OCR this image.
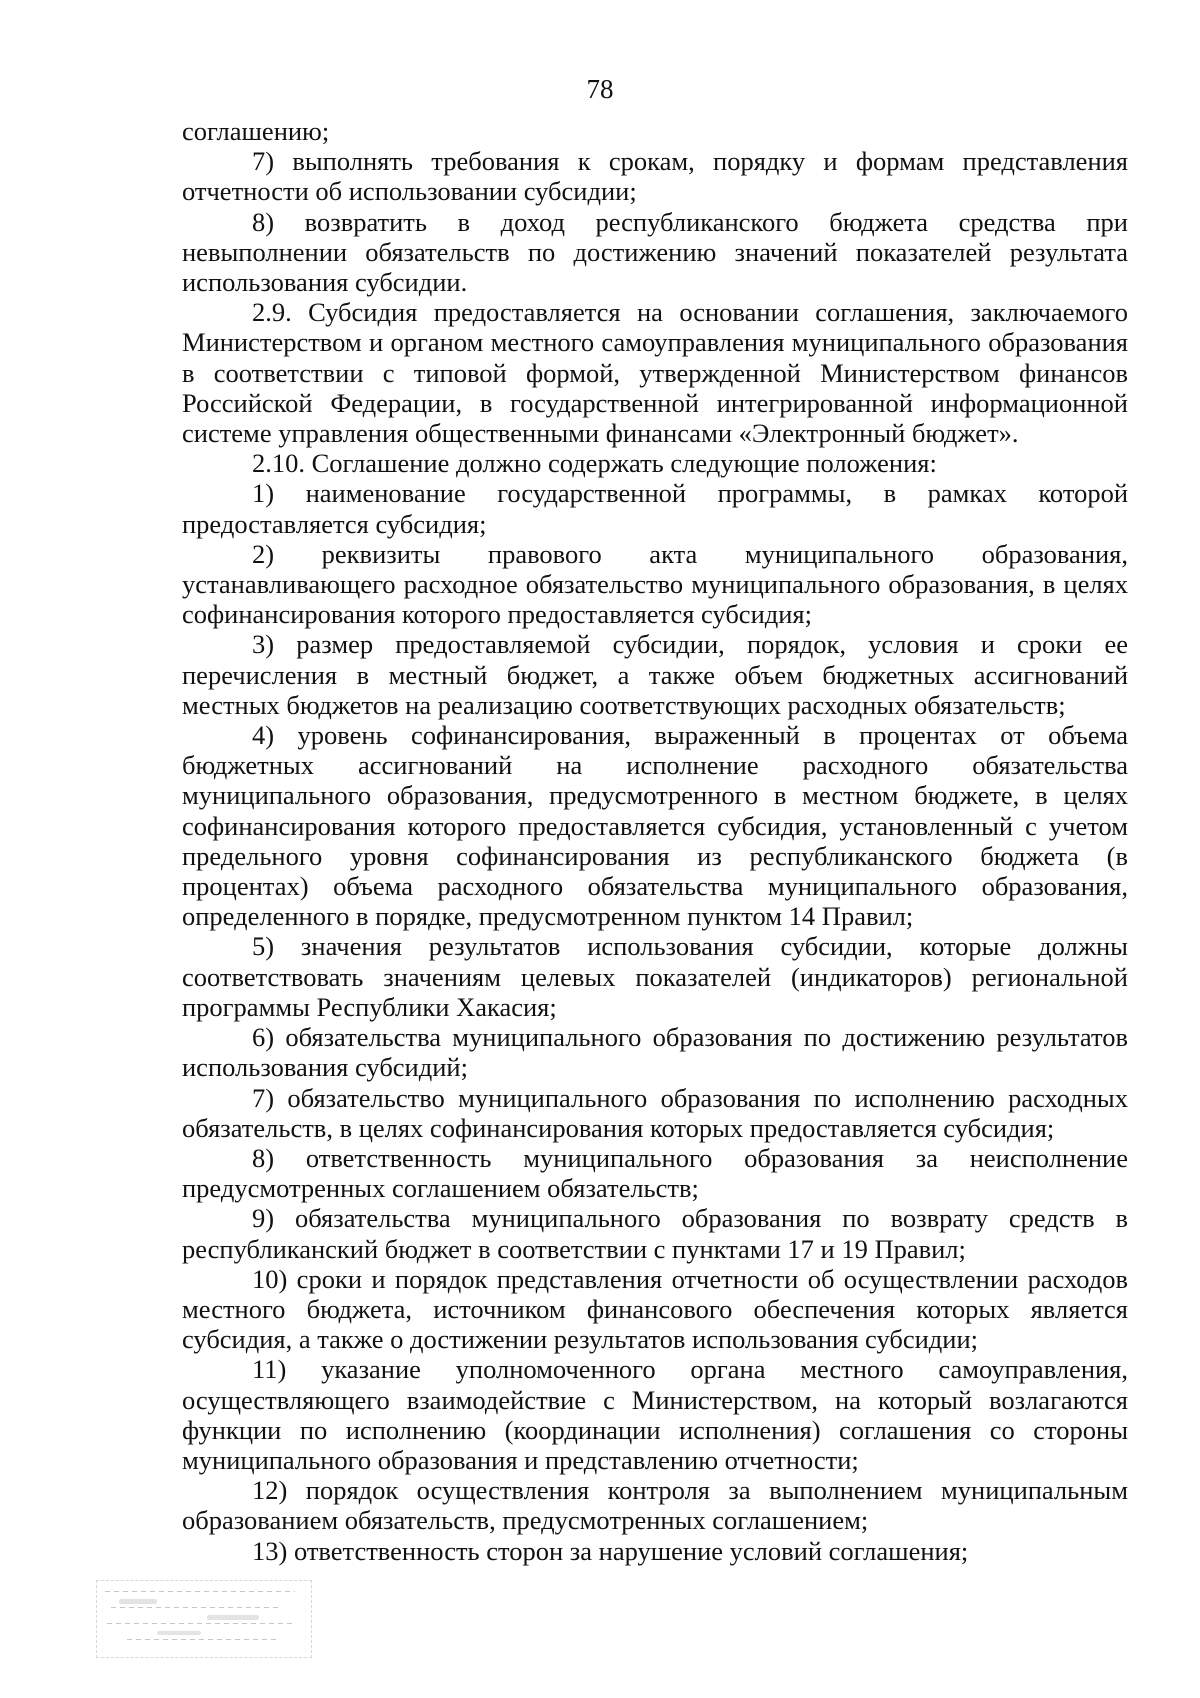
78

соглашению;

7) выполнять требования к срокам, порядку и формам представления отчетности об использовании субсидии;

8) возвратить в доход республиканского бюджета средства при невыполнении обязательств по достижению значений показателей результата использования субсидии.

2.9. Субсидия предоставляется на основании соглашения, заключаемого Министерством и органом местного самоуправления муниципального образования в соответствии с типовой формой, утвержденной Министерством финансов Российской Федерации, в государственной интегрированной информационной системе управления общественными финансами «Электронный бюджет».

2.10. Соглашение должно содержать следующие положения:

1) наименование государственной программы, в рамках которой предоставляется субсидия;

2) реквизиты правового акта муниципального образования, устанавливающего расходное обязательство муниципального образования, в целях софинансирования которого предоставляется субсидия;

3) размер предоставляемой субсидии, порядок, условия и сроки ее перечисления в местный бюджет, а также объем бюджетных ассигнований местных бюджетов на реализацию соответствующих расходных обязательств;

4) уровень софинансирования, выраженный в процентах от объема бюджетных ассигнований на исполнение расходного обязательства муниципального образования, предусмотренного в местном бюджете, в целях софинансирования которого предоставляется субсидия, установленный с учетом предельного уровня софинансирования из республиканского бюджета (в процентах) объема расходного обязательства муниципального образования, определенного в порядке, предусмотренном пунктом 14 Правил;

5) значения результатов использования субсидии, которые должны соответствовать значениям целевых показателей (индикаторов) региональной программы Республики Хакасия;

6) обязательства муниципального образования по достижению результатов использования субсидий;

7) обязательство муниципального образования по исполнению расходных обязательств, в целях софинансирования которых предоставляется субсидия;

8) ответственность муниципального образования за неисполнение предусмотренных соглашением обязательств;

9) обязательства муниципального образования по возврату средств в республиканский бюджет в соответствии с пунктами 17 и 19 Правил;

10) сроки и порядок представления отчетности об осуществлении расходов местного бюджета, источником финансового обеспечения которых является субсидия, а также о достижении результатов использования субсидии;

11) указание уполномоченного органа местного самоуправления, осуществляющего взаимодействие с Министерством, на который возлагаются функции по исполнению (координации исполнения) соглашения со стороны муниципального образования и представлению отчетности;

12) порядок осуществления контроля за выполнением муниципальным образованием обязательств, предусмотренных соглашением;

13) ответственность сторон за нарушение условий соглашения;
